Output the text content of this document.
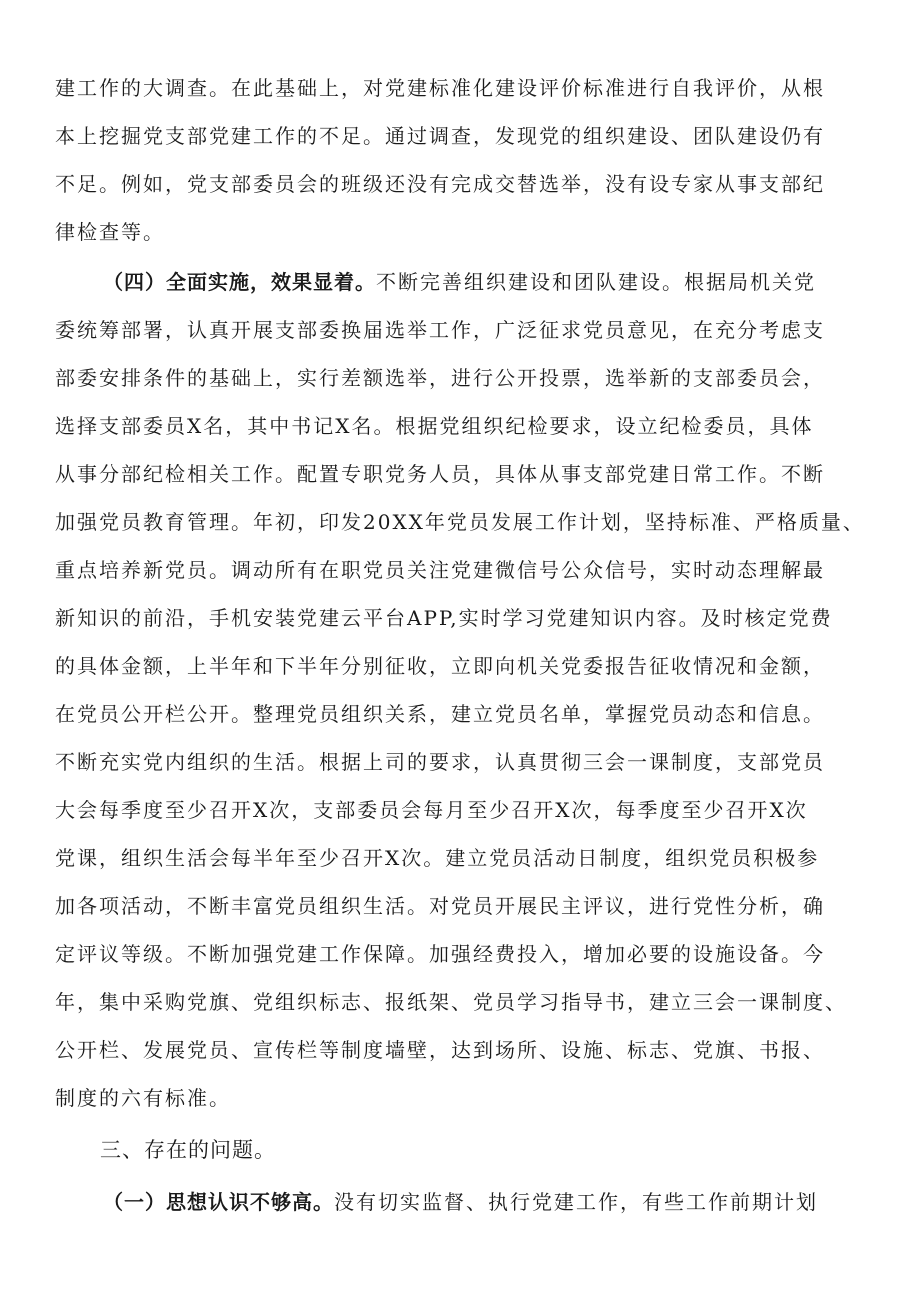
建工作的大调查。在此基础上，对党建标准化建设评价标准进行自我评价，从根
本上挖掘党支部党建工作的不足。通过调查，发现党的组织建设、团队建设仍有
不足。例如，党支部委员会的班级还没有完成交替选举，没有设专家从事支部纪
律检查等。
（四）全面实施，效果显着。不断完善组织建设和团队建设。根据局机关党
委统筹部署，认真开展支部委换届选举工作，广泛征求党员意见，在充分考虑支
部委安排条件的基础上，实行差额选举，进行公开投票，选举新的支部委员会，
选择支部委员X名，其中书记X名。根据党组织纪检要求，设立纪检委员，具体
从事分部纪检相关工作。配置专职党务人员，具体从事支部党建日常工作。不断
加强党员教育管理。年初，印发20XX年党员发展工作计划，坚持标准、严格质量、
重点培养新党员。调动所有在职党员关注党建微信号公众信号，实时动态理解最
新知识的前沿，手机安装党建云平台APP,实时学习党建知识内容。及时核定党费
的具体金额，上半年和下半年分别征收，立即向机关党委报告征收情况和金额，
在党员公开栏公开。整理党员组织关系，建立党员名单，掌握党员动态和信息。
不断充实党内组织的生活。根据上司的要求，认真贯彻三会一课制度，支部党员
大会每季度至少召开X次，支部委员会每月至少召开X次，每季度至少召开X次
党课，组织生活会每半年至少召开X次。建立党员活动日制度，组织党员积极参
加各项活动，不断丰富党员组织生活。对党员开展民主评议，进行党性分析，确
定评议等级。不断加强党建工作保障。加强经费投入，增加必要的设施设备。今
年，集中采购党旗、党组织标志、报纸架、党员学习指导书，建立三会一课制度、
公开栏、发展党员、宣传栏等制度墙壁，达到场所、设施、标志、党旗、书报、
制度的六有标准。
三、存在的问题。
（一）思想认识不够高。没有切实监督、执行党建工作，有些工作前期计划
